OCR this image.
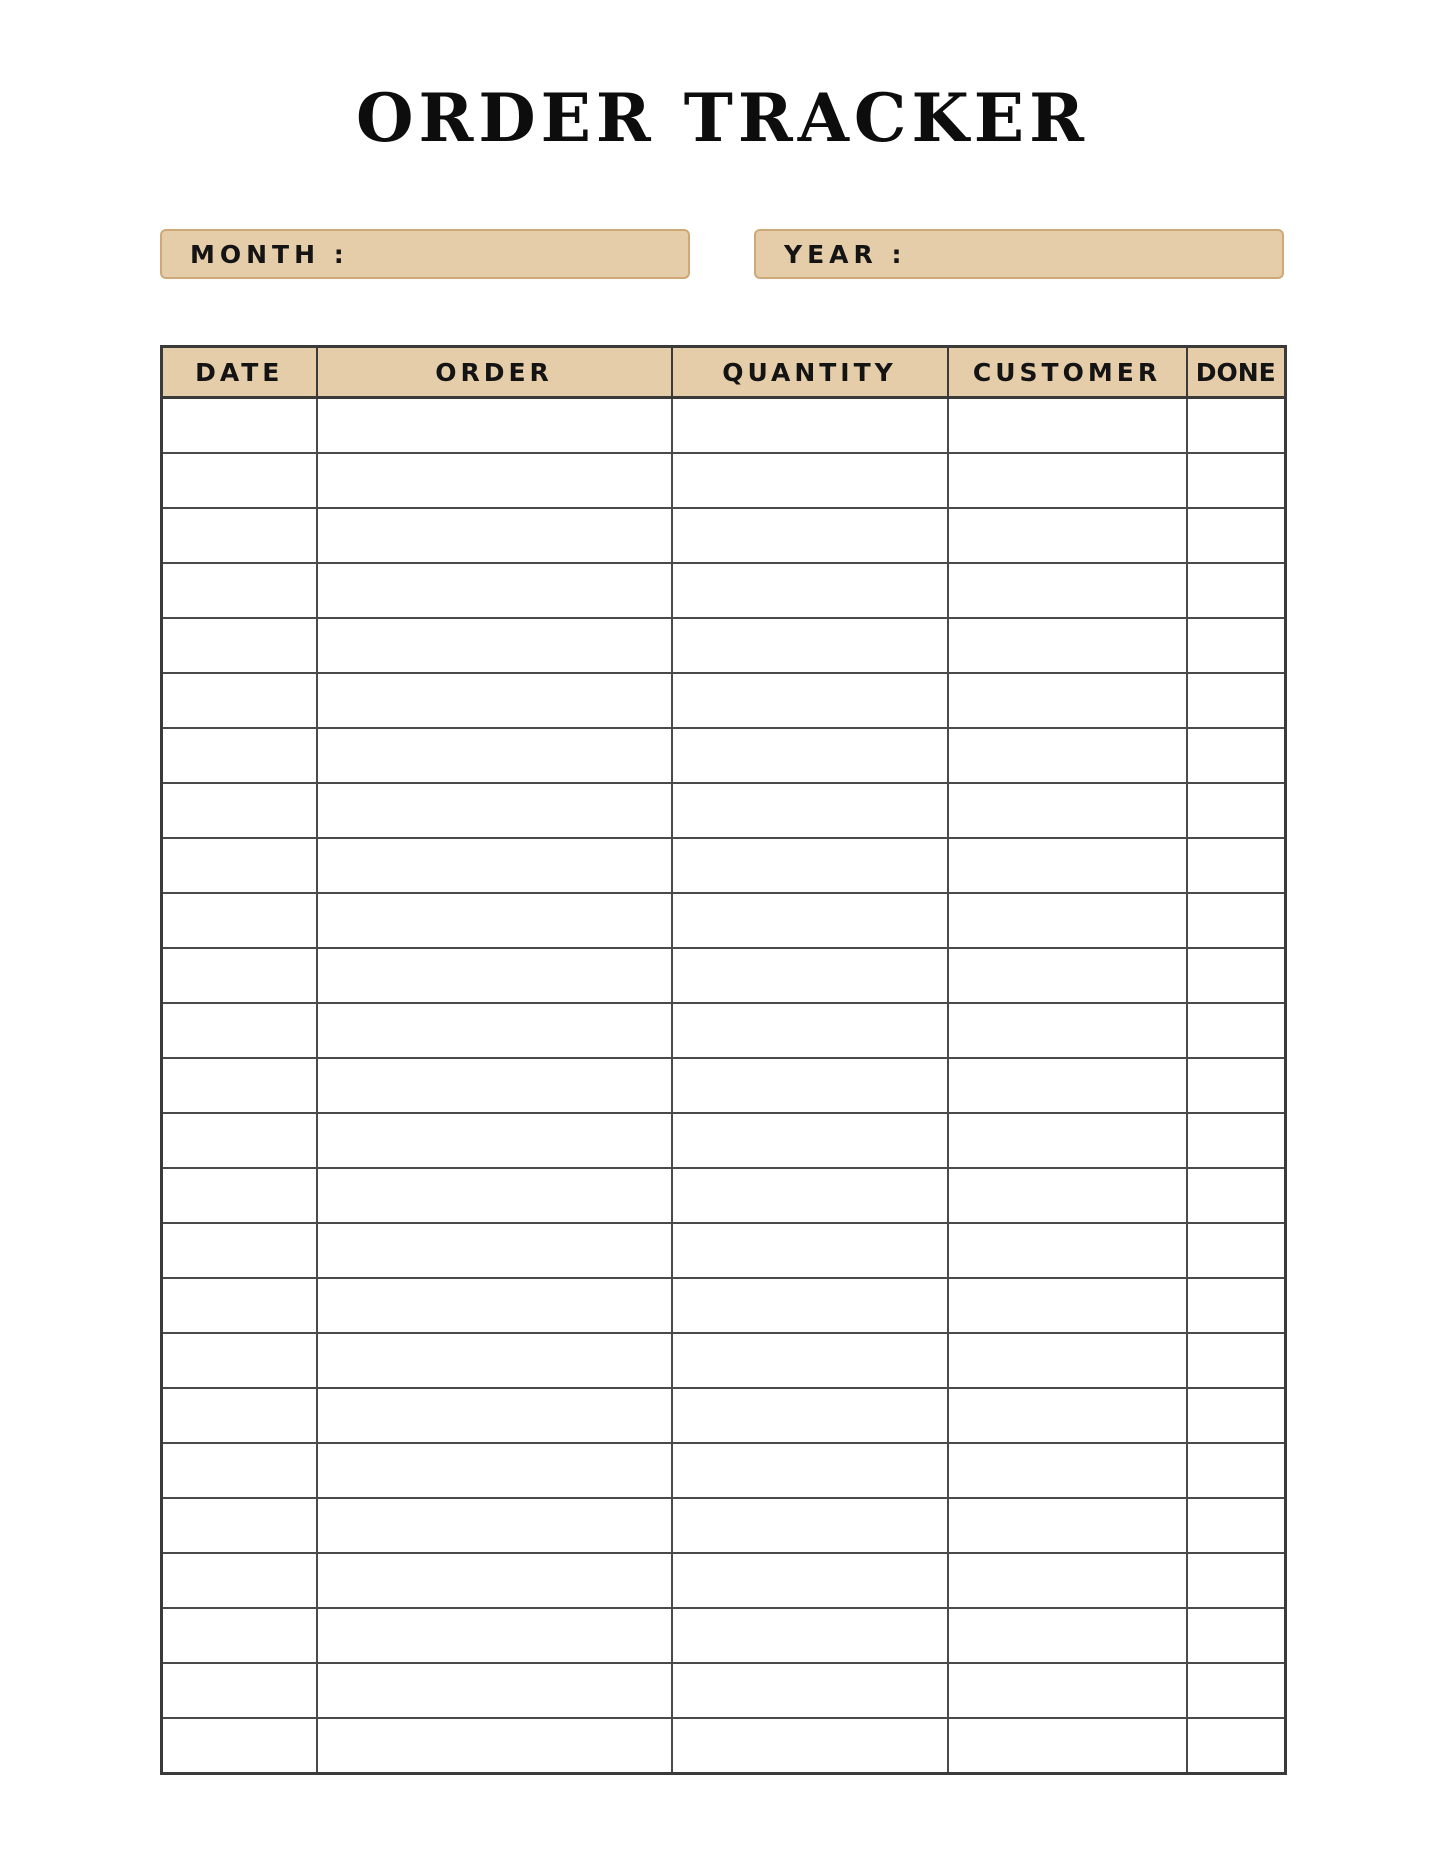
ORDER TRACKER
MONTH :	YEAR :
DATE	ORDER	QUANTITY	CUSTOMER	DONE
